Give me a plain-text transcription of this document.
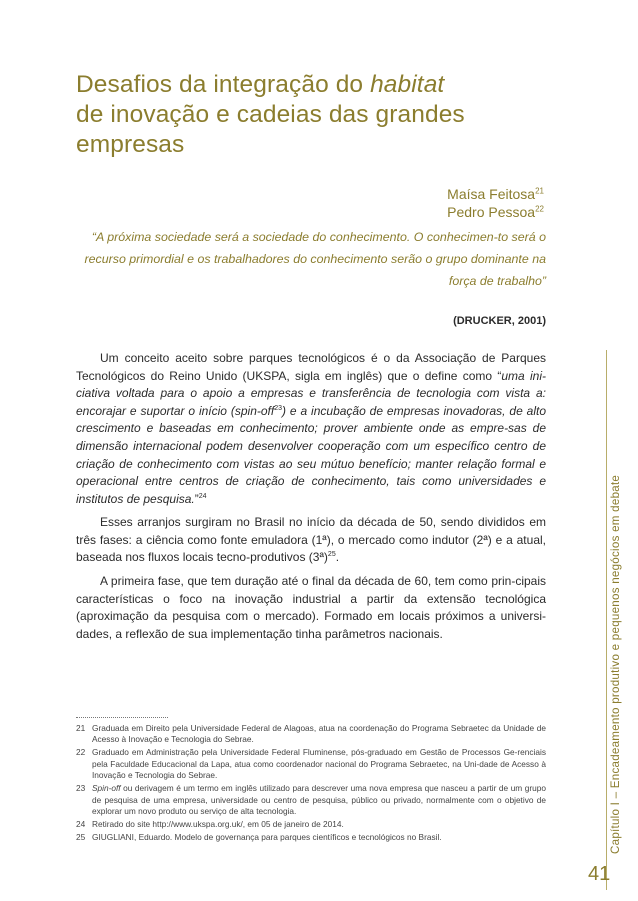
Desafios da integração do habitat
de inovação e cadeias das grandes
empresas
Maísa Feitosa$^{21}$
Pedro Pessoa$^{22}$

“A próxima sociedade será a sociedade do conhecimento. O conhecimen-to será o recurso primordial e os trabalhadores do conhecimento serão o grupo dominante na força de trabalho”

(DRUCKER, 2001)

Um conceito aceito sobre parques tecnológicos é o da Associação de Parques Tecnológicos do Reino Unido (UKSPA, sigla em inglês) que o define como “uma ini-ciativa voltada para o apoio a empresas e transferência de tecnologia com vista a: encorajar e suportar o início (spin-off$^{23}$) e a incubação de empresas inovadoras, de alto crescimento e baseadas em conhecimento; prover ambiente onde as empre-sas de dimensão internacional podem desenvolver cooperação com um específico centro de criação de conhecimento com vistas ao seu mútuo benefício; manter relação formal e operacional entre centros de criação de conhecimento, tais como universidades e institutos de pesquisa.”$^{24}$

Esses arranjos surgiram no Brasil no início da década de 50, sendo divididos em três fases: a ciência como fonte emuladora (1ª), o mercado como indutor (2ª) e a atual, baseada nos fluxos locais tecno-produtivos (3ª)$^{25}$.

A primeira fase, que tem duração até o final da década de 60, tem como prin-cipais características o foco na inovação industrial a partir da extensão tecnológica (aproximação da pesquisa com o mercado). Formado em locais próximos a universi-dades, a reflexão de sua implementação tinha parâmetros nacionais.

21 Graduada em Direito pela Universidade Federal de Alagoas, atua na coordenação do Programa Sebraetec da Unidade de Acesso à Inovação e Tecnologia do Sebrae.
22 Graduado em Administração pela Universidade Federal Fluminense, pós-graduado em Gestão de Processos Ge-renciais pela Faculdade Educacional da Lapa, atua como coordenador nacional do Programa Sebraetec, na Uni-dade de Acesso à Inovação e Tecnologia do Sebrae.
23 Spin-off ou derivagem é um termo em inglês utilizado para descrever uma nova empresa que nasceu a partir de um grupo de pesquisa de uma empresa, universidade ou centro de pesquisa, público ou privado, normalmente com o objetivo de explorar um novo produto ou serviço de alta tecnologia.
24 Retirado do site http://www.ukspa.org.uk/, em 05 de janeiro de 2014.
25 GIUGLIANI, Eduardo. Modelo de governança para parques científicos e tecnológicos no Brasil.	Capítulo I – Encadeamento produtivo e pequenos negócios em debate
41
